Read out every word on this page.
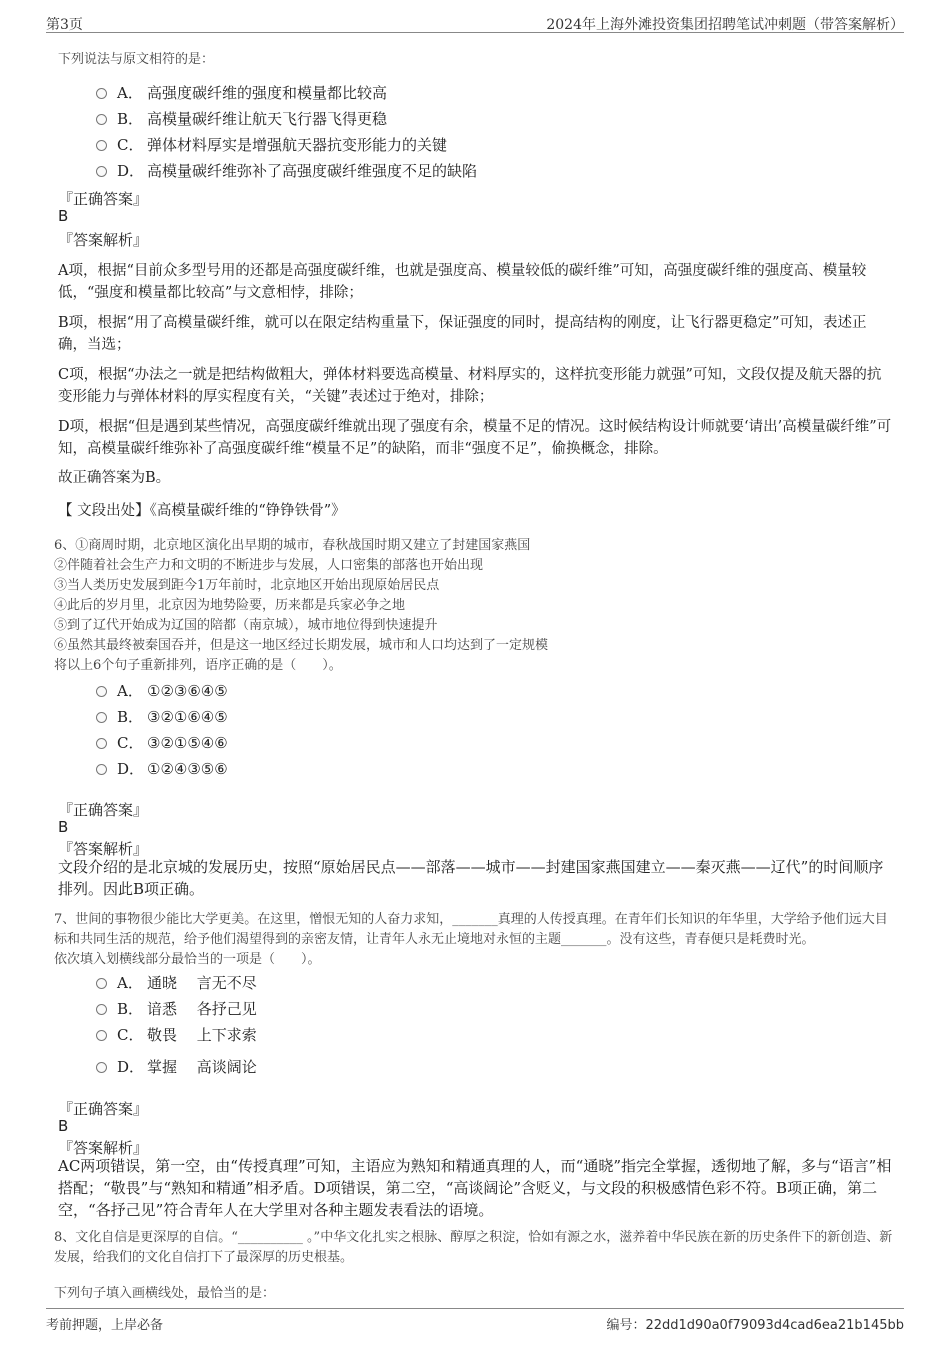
第3页	2024年上海外滩投资集团招聘笔试冲刺题（带答案解析）
下列说法与原文相符的是：
A． 高强度碳纤维的强度和模量都比较高
B． 高模量碳纤维让航天飞行器飞得更稳
C． 弹体材料厚实是增强航天器抗变形能力的关键
D． 高模量碳纤维弥补了高强度碳纤维强度不足的缺陷
『正确答案』
B
『答案解析』
A项，根据“目前众多型号用的还都是高强度碳纤维，也就是强度高、模量较低的碳纤维”可知，高强度碳纤维的强度高、模量较低，“强度和模量都比较高”与文意相悖，排除；
B项，根据“用了高模量碳纤维，就可以在限定结构重量下，保证强度的同时，提高结构的刚度，让飞行器更稳定”可知，表述正确，当选；
C项，根据“办法之一就是把结构做粗大，弹体材料要选高模量、材料厚实的，这样抗变形能力就强”可知，文段仅提及航天器的抗变形能力与弹体材料的厚实程度有关，“关键”表述过于绝对，排除；
D项，根据“但是遇到某些情况，高强度碳纤维就出现了强度有余，模量不足的情况。这时候结构设计师就要‘请出’高模量碳纤维”可知，高模量碳纤维弥补了高强度碳纤维“模量不足”的缺陷，而非“强度不足”，偷换概念，排除。
故正确答案为B。
【 文段出处】《高模量碳纤维的“铮铮铁骨”》
6、①商周时期，北京地区演化出早期的城市，春秋战国时期又建立了封建国家燕国
②伴随着社会生产力和文明的不断进步与发展，人口密集的部落也开始出现
③当人类历史发展到距今1万年前时，北京地区开始出现原始居民点
④此后的岁月里，北京因为地势险要，历来都是兵家必争之地
⑤到了辽代开始成为辽国的陪都（南京城），城市地位得到快速提升
⑥虽然其最终被秦国吞并，但是这一地区经过长期发展，城市和人口均达到了一定规模
将以上6个句子重新排列，语序正确的是（　　）。
A． ①②③⑥④⑤
B． ③②①⑥④⑤
C． ③②①⑤④⑥
D． ①②④③⑤⑥
『正确答案』
B
『答案解析』
文段介绍的是北京城的发展历史，按照“原始居民点——部落——城市——封建国家燕国建立——秦灭燕——辽代”的时间顺序排列。因此B项正确。
7、世间的事物很少能比大学更美。在这里，憎恨无知的人奋力求知，_______真理的人传授真理。在青年们长知识的年华里，大学给予他们远大目标和共同生活的规范，给予他们渴望得到的亲密友情，让青年人永无止境地对永恒的主题_______。没有这些，青春便只是耗费时光。
依次填入划横线部分最恰当的一项是（　　）。
A． 通晓　 言无不尽
B． 谙悉　 各抒己见
C． 敬畏　 上下求索
D． 掌握　 高谈阔论
『正确答案』
B
『答案解析』
AC两项错误，第一空，由“传授真理”可知，主语应为熟知和精通真理的人，而“通晓”指完全掌握，透彻地了解，多与“语言”相搭配；“敬畏”与“熟知和精通”相矛盾。D项错误，第二空，“高谈阔论”含贬义，与文段的积极感情色彩不符。B项正确，第二空，“各抒己见”符合青年人在大学里对各种主题发表看法的语境。
8、文化自信是更深厚的自信。“__________ 。”中华文化扎实之根脉、醇厚之积淀，恰如有源之水，滋养着中华民族在新的历史条件下的新创造、新发展，给我们的文化自信打下了最深厚的历史根基。
下列句子填入画横线处，最恰当的是：
考前押题，上岸必备	编号：22dd1d90a0f79093d4cad6ea21b145bb
